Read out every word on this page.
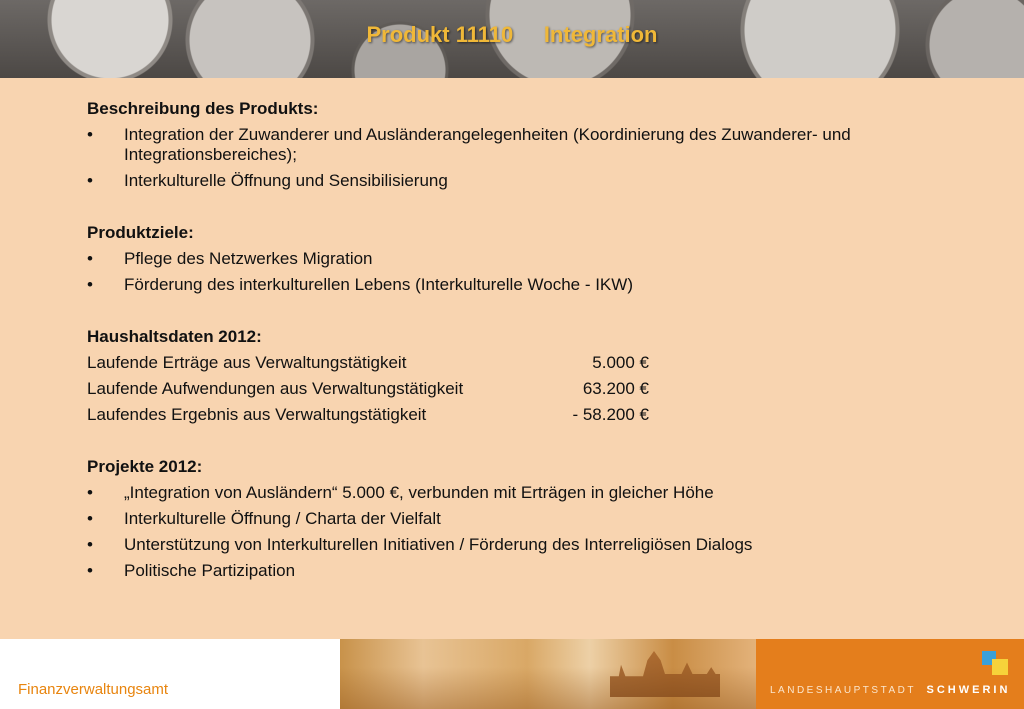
Produkt 11110     Integration
Beschreibung des Produkts:
• Integration der Zuwanderer und Ausländerangelegenheiten (Koordinierung des Zuwanderer- und Integrationsbereiches);
• Interkulturelle Öffnung und Sensibilisierung
Produktziele:
• Pflege des Netzwerkes Migration
• Förderung des interkulturellen Lebens (Interkulturelle Woche - IKW)
Haushaltsdaten 2012:
Laufende Erträge aus Verwaltungstätigkeit	5.000 €
Laufende Aufwendungen aus Verwaltungstätigkeit	63.200 €
Laufendes Ergebnis aus Verwaltungstätigkeit	- 58.200 €
Projekte 2012:
• „Integration von Ausländern“ 5.000 €, verbunden mit Erträgen in gleicher Höhe
• Interkulturelle Öffnung / Charta der Vielfalt
• Unterstützung von Interkulturellen Initiativen / Förderung des Interreligiösen Dialogs
• Politische Partizipation
Finanzverwaltungsamt	LANDESHAUPTSTADT SCHWERIN
